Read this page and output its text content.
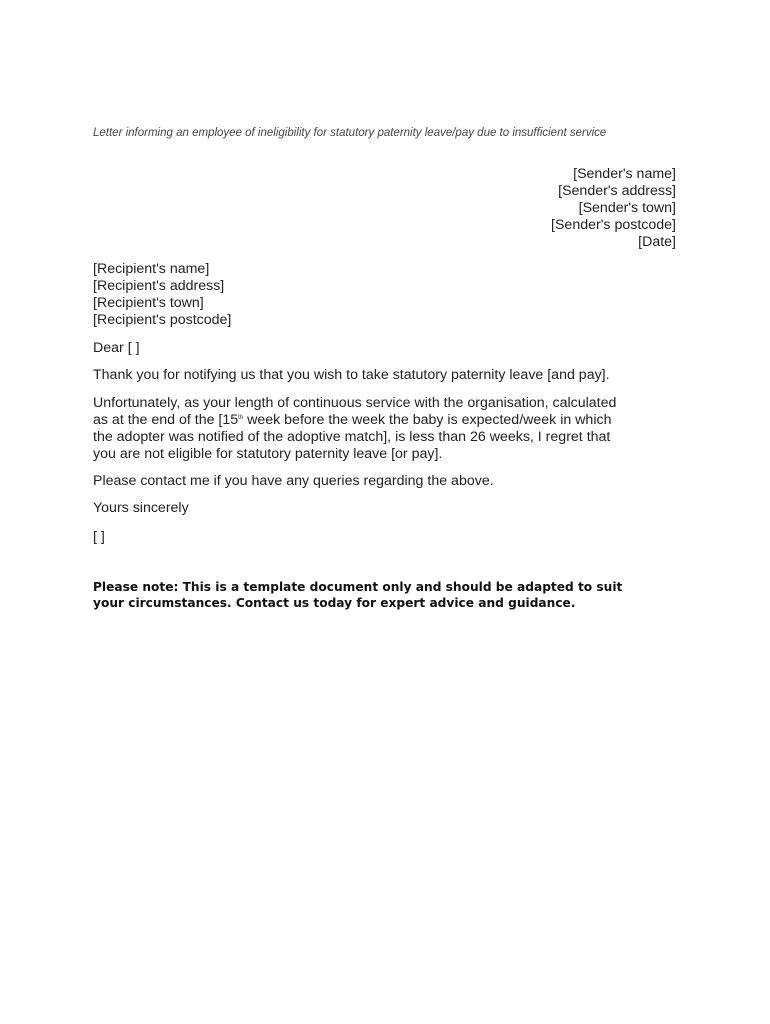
Letter informing an employee of ineligibility for statutory paternity leave/pay due to insufficient service
[Sender's name]
[Sender's address]
[Sender's town]
[Sender's postcode]
[Date]
[Recipient's name]
[Recipient's address]
[Recipient's town]
[Recipient's postcode]
Dear [ ]
Thank you for notifying us that you wish to take statutory paternity leave [and pay].
Unfortunately, as your length of continuous service with the organisation, calculated
as at the end of the [15th week before the week the baby is expected/week in which
the adopter was notified of the adoptive match], is less than 26 weeks, I regret that
you are not eligible for statutory paternity leave [or pay].
Please contact me if you have any queries regarding the above.
Yours sincerely
[ ]
Please note: This is a template document only and should be adapted to suit
your circumstances. Contact us today for expert advice and guidance.
